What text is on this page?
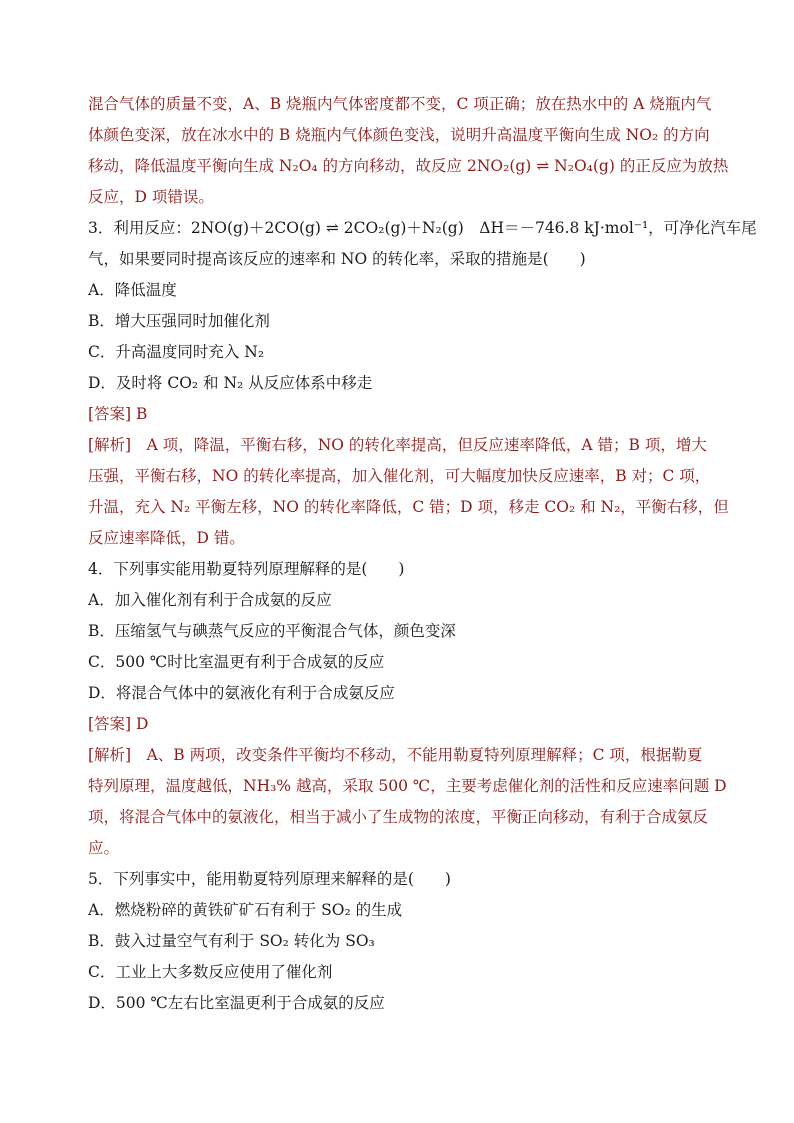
混合气体的质量不变，A、B 烧瓶内气体密度都不变，C 项正确；放在热水中的 A 烧瓶内气
体颜色变深，放在冰水中的 B 烧瓶内气体颜色变浅，说明升高温度平衡向生成 NO₂ 的方向
移动，降低温度平衡向生成 N₂O₄ 的方向移动，故反应 2NO₂(g) ⇌ N₂O₄(g) 的正反应为放热
反应，D 项错误。
3．利用反应：2NO(g)＋2CO(g) ⇌ 2CO₂(g)＋N₂(g)　ΔH＝－746.8 kJ·mol⁻¹，可净化汽车尾
气，如果要同时提高该反应的速率和 NO 的转化率，采取的措施是(　　)
A．降低温度
B．增大压强同时加催化剂
C．升高温度同时充入 N₂
D．及时将 CO₂ 和 N₂ 从反应体系中移走
[答案] B
[解析]　A 项，降温，平衡右移，NO 的转化率提高，但反应速率降低，A 错；B 项，增大
压强，平衡右移，NO 的转化率提高，加入催化剂，可大幅度加快反应速率，B 对；C 项，
升温，充入 N₂ 平衡左移，NO 的转化率降低，C 错；D 项，移走 CO₂ 和 N₂，平衡右移，但
反应速率降低，D 错。
4．下列事实能用勒夏特列原理解释的是(　　)
A．加入催化剂有利于合成氨的反应
B．压缩氢气与碘蒸气反应的平衡混合气体，颜色变深
C．500 ℃时比室温更有利于合成氨的反应
D．将混合气体中的氨液化有利于合成氨反应
[答案] D
[解析]　A、B 两项，改变条件平衡均不移动，不能用勒夏特列原理解释；C 项，根据勒夏
特列原理，温度越低，NH₃% 越高，采取 500 ℃，主要考虑催化剂的活性和反应速率问题 D
项，将混合气体中的氨液化，相当于减小了生成物的浓度，平衡正向移动，有利于合成氨反
应。
5．下列事实中，能用勒夏特列原理来解释的是(　　)
A．燃烧粉碎的黄铁矿矿石有利于 SO₂ 的生成
B．鼓入过量空气有利于 SO₂ 转化为 SO₃
C．工业上大多数反应使用了催化剂
D．500 ℃左右比室温更利于合成氨的反应
